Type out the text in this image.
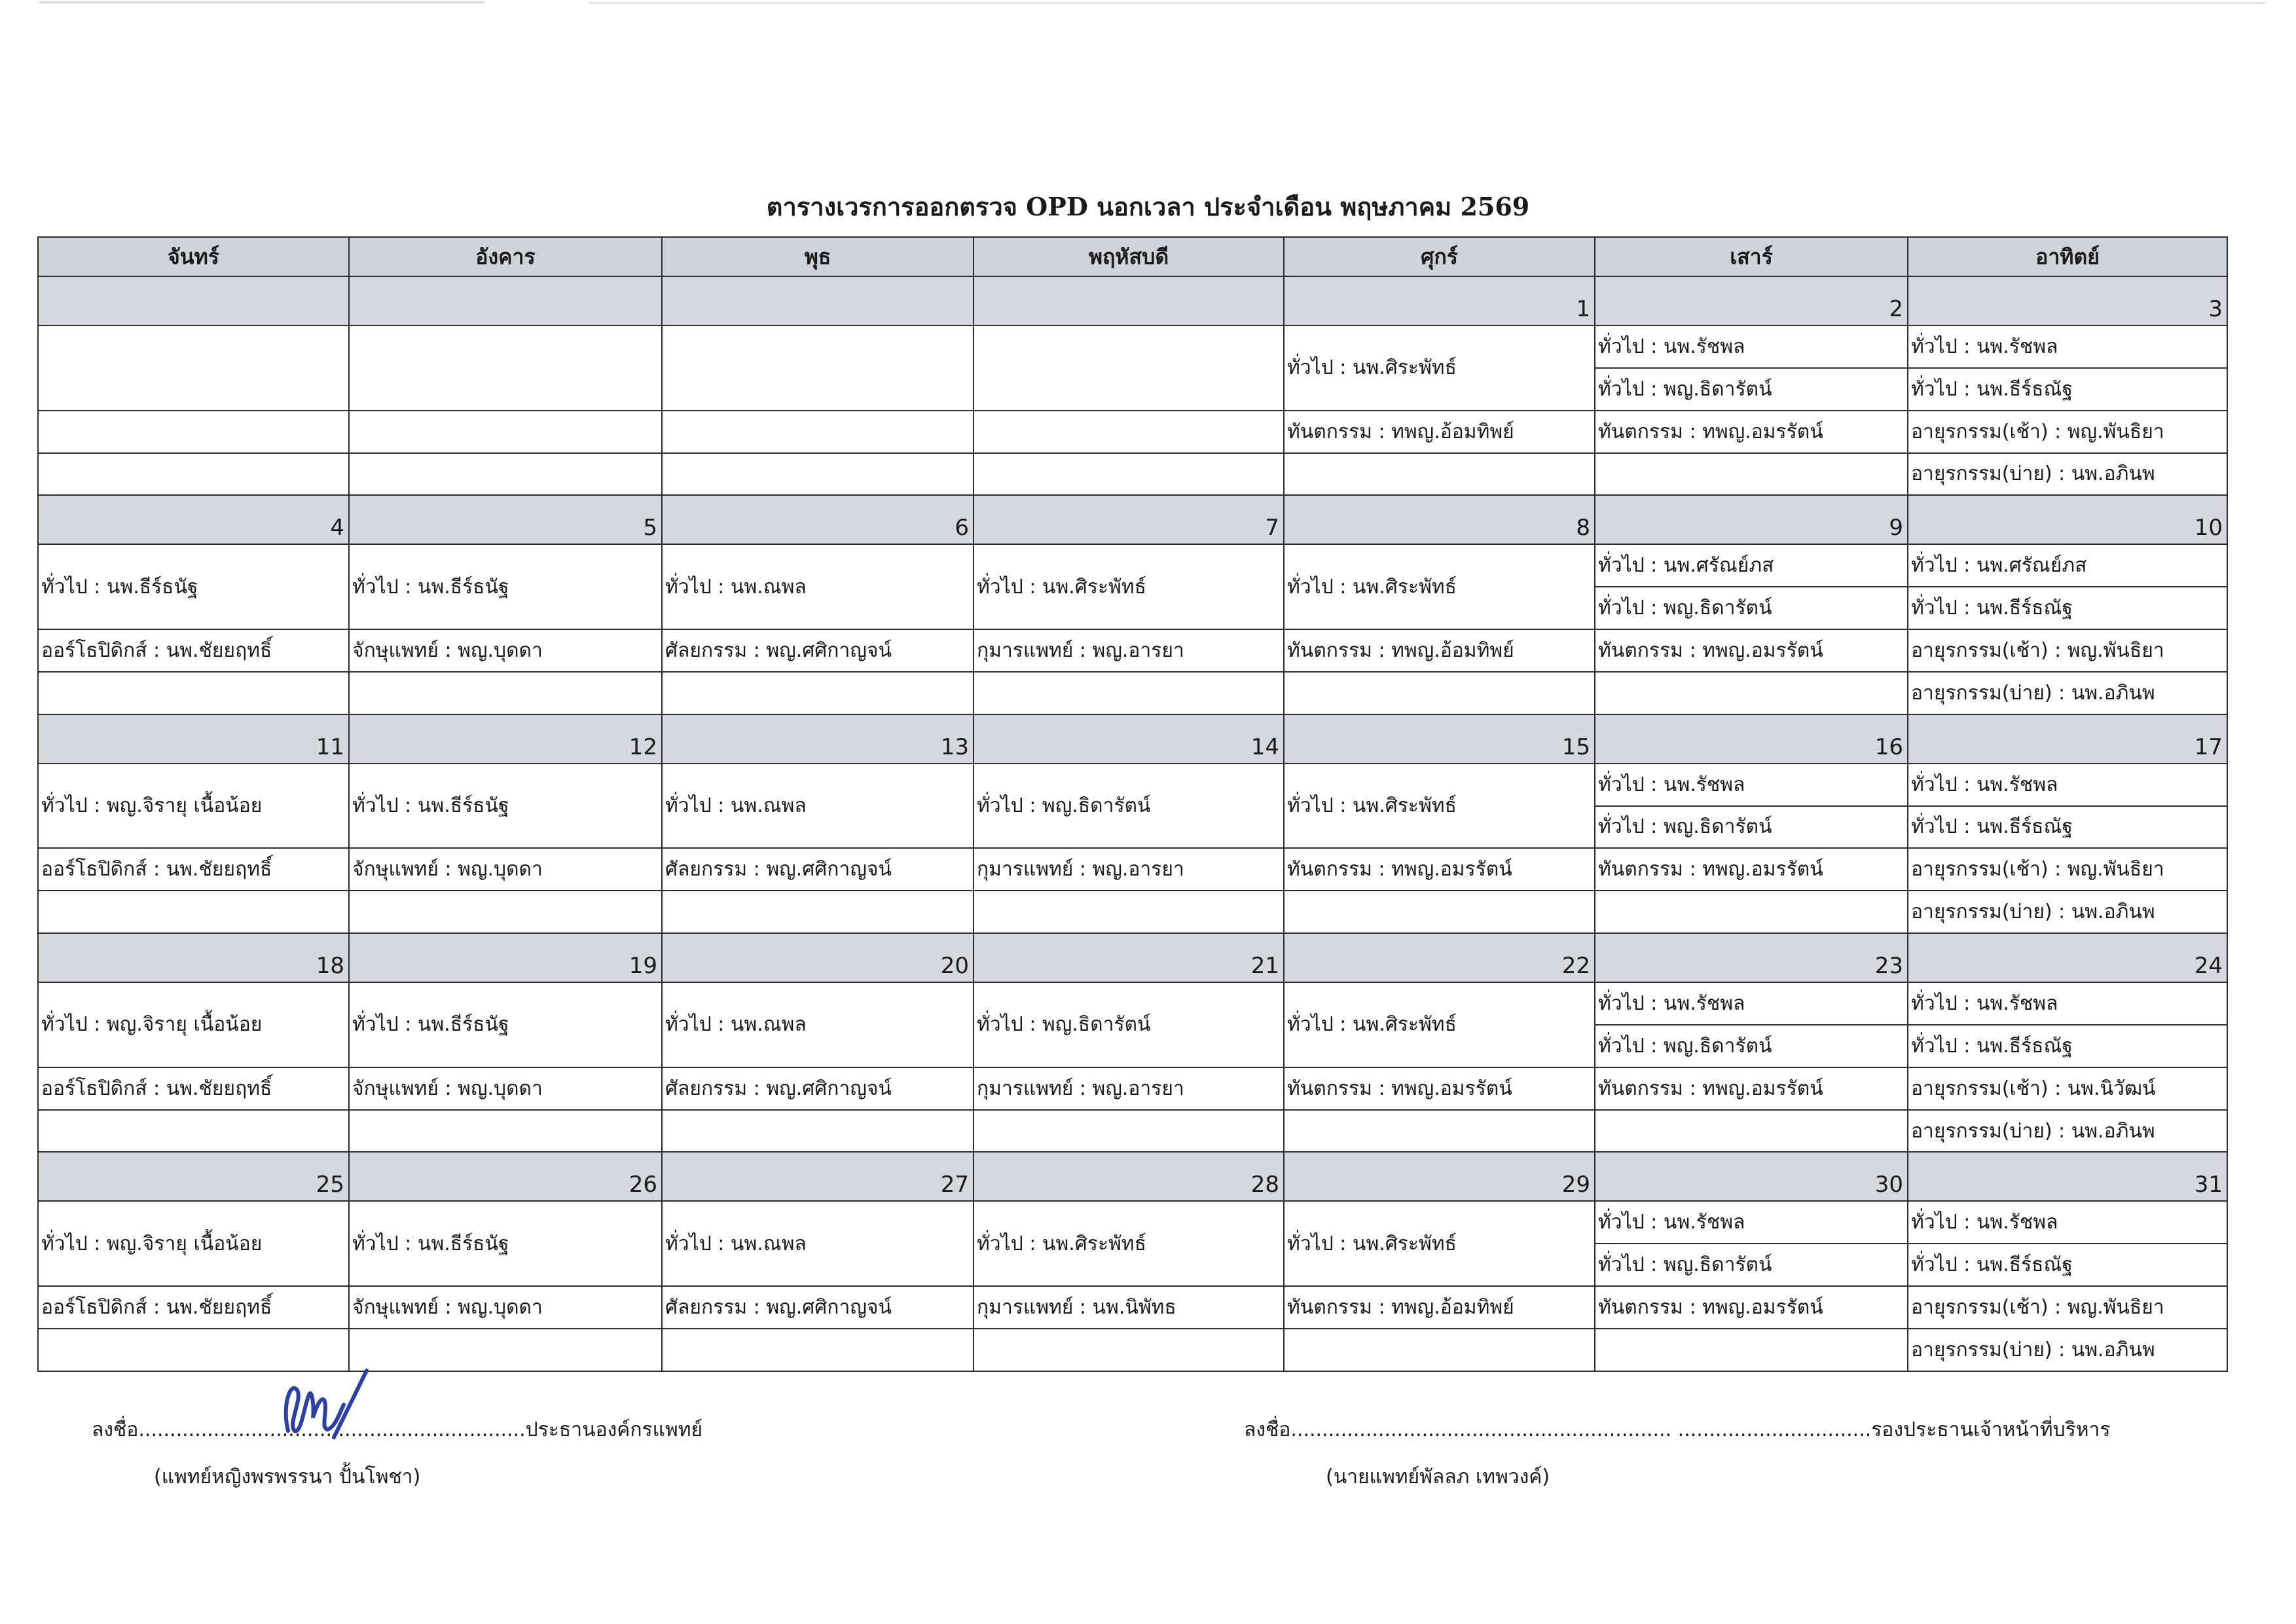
ตารางเวรการออกตรวจ OPD นอกเวลา ประจำเดือน พฤษภาคม 2569
จันทร์	อังคาร	พุธ	พฤหัสบดี	ศุกร์	เสาร์	อาทิตย์
				1	2	3
				ทั่วไป : นพ.ศิระพัทธ์	ทั่วไป : นพ.รัชพล	ทั่วไป : นพ.รัชพล
					ทั่วไป : พญ.ธิดารัตน์	ทั่วไป : นพ.ธีร์ธณัฐ
				ทันตกรรม : ทพญ.อ้อมทิพย์	ทันตกรรม : ทพญ.อมรรัตน์	อายุรกรรม(เช้า) : พญ.พันธิยา
						อายุรกรรม(บ่าย) : นพ.อภินพ
4	5	6	7	8	9	10
ทั่วไป : นพ.ธีร์ธนัฐ	ทั่วไป : นพ.ธีร์ธนัฐ	ทั่วไป : นพ.ณพล	ทั่วไป : นพ.ศิระพัทธ์	ทั่วไป : นพ.ศิระพัทธ์	ทั่วไป : นพ.ศรัณย์ภส	ทั่วไป : นพ.ศรัณย์ภส
					ทั่วไป : พญ.ธิดารัตน์	ทั่วไป : นพ.ธีร์ธณัฐ
ออร์โธปิดิกส์ : นพ.ชัยยฤทธิ์	จักษุแพทย์ : พญ.บุดดา	ศัลยกรรม : พญ.ศศิกาญจน์	กุมารแพทย์ : พญ.อารยา	ทันตกรรม : ทพญ.อ้อมทิพย์	ทันตกรรม : ทพญ.อมรรัตน์	อายุรกรรม(เช้า) : พญ.พันธิยา
						อายุรกรรม(บ่าย) : นพ.อภินพ
11	12	13	14	15	16	17
ทั่วไป : พญ.จิรายุ เนื้อน้อย	ทั่วไป : นพ.ธีร์ธนัฐ	ทั่วไป : นพ.ณพล	ทั่วไป : พญ.ธิดารัตน์	ทั่วไป : นพ.ศิระพัทธ์	ทั่วไป : นพ.รัชพล	ทั่วไป : นพ.รัชพล
					ทั่วไป : พญ.ธิดารัตน์	ทั่วไป : นพ.ธีร์ธณัฐ
ออร์โธปิดิกส์ : นพ.ชัยยฤทธิ์	จักษุแพทย์ : พญ.บุดดา	ศัลยกรรม : พญ.ศศิกาญจน์	กุมารแพทย์ : พญ.อารยา	ทันตกรรม : ทพญ.อมรรัตน์	ทันตกรรม : ทพญ.อมรรัตน์	อายุรกรรม(เช้า) : พญ.พันธิยา
						อายุรกรรม(บ่าย) : นพ.อภินพ
18	19	20	21	22	23	24
ทั่วไป : พญ.จิรายุ เนื้อน้อย	ทั่วไป : นพ.ธีร์ธนัฐ	ทั่วไป : นพ.ณพล	ทั่วไป : พญ.ธิดารัตน์	ทั่วไป : นพ.ศิระพัทธ์	ทั่วไป : นพ.รัชพล	ทั่วไป : นพ.รัชพล
					ทั่วไป : พญ.ธิดารัตน์	ทั่วไป : นพ.ธีร์ธณัฐ
ออร์โธปิดิกส์ : นพ.ชัยยฤทธิ์	จักษุแพทย์ : พญ.บุดดา	ศัลยกรรม : พญ.ศศิกาญจน์	กุมารแพทย์ : พญ.อารยา	ทันตกรรม : ทพญ.อมรรัตน์	ทันตกรรม : ทพญ.อมรรัตน์	อายุรกรรม(เช้า) : นพ.นิวัฒน์
						อายุรกรรม(บ่าย) : นพ.อภินพ
25	26	27	28	29	30	31
ทั่วไป : พญ.จิรายุ เนื้อน้อย	ทั่วไป : นพ.ธีร์ธนัฐ	ทั่วไป : นพ.ณพล	ทั่วไป : นพ.ศิระพัทธ์	ทั่วไป : นพ.ศิระพัทธ์	ทั่วไป : นพ.รัชพล	ทั่วไป : นพ.รัชพล
					ทั่วไป : พญ.ธิดารัตน์	ทั่วไป : นพ.ธีร์ธณัฐ
ออร์โธปิดิกส์ : นพ.ชัยยฤทธิ์	จักษุแพทย์ : พญ.บุดดา	ศัลยกรรม : พญ.ศศิกาญจน์	กุมารแพทย์ : นพ.นิพัทธ	ทันตกรรม : ทพญ.อ้อมทิพย์	ทันตกรรม : ทพญ.อมรรัตน์	อายุรกรรม(เช้า) : พญ.พันธิยา
						อายุรกรรม(บ่าย) : นพ.อภินพ
ลงชื่อ..............................................................ประธานองค์กรแพทย์
(แพทย์หญิงพรพรรนา ปั้นโพชา)
ลงชื่อ............................................................. ...............................รองประธานเจ้าหน้าที่บริหาร
(นายแพทย์พัลลภ เทพวงค์)
